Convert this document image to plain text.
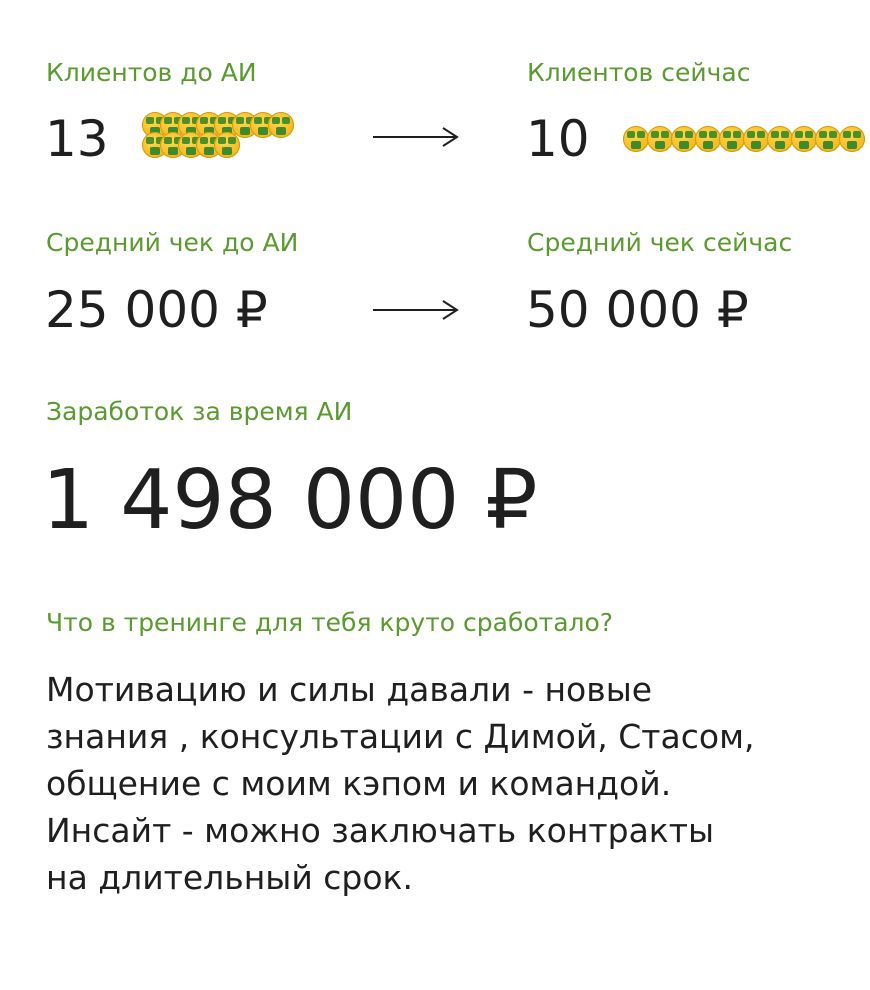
Клиентов до АИ	Клиентов сейчас
13	10
Средний чек до АИ	Средний чек сейчас
25 000 ₽	50 000 ₽
Заработок за время АИ
1 498 000 ₽
Что в тренинге для тебя круто сработало?
Мотивацию и силы давали - новые
знания , консультации с Димой, Стасом,
общение с моим кэпом и командой.
Инсайт - можно заключать контракты
на длительный срок.
